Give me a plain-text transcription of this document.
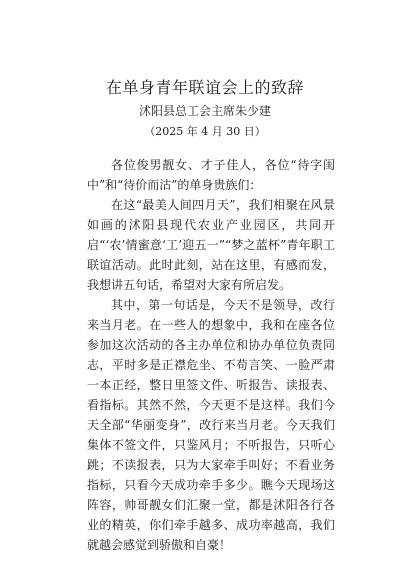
在单身青年联谊会上的致辞
沭阳县总工会主席朱少建
（2025 年 4 月 30 日）

各位俊男靓女、才子佳人，各位“待字闺中”和“待价而沽”的单身贵族们：

在这“最美人间四月天”，我们相聚在风景如画的沭阳县现代农业产业园区，共同开启“‘农’情蜜意‘工’迎五一”“梦之蓝杯”青年职工联谊活动。此时此刻，站在这里，有感而发，我想讲五句话，希望对大家有所启发。

其中，第一句话是，今天不是领导，改行来当月老。在一些人的想象中，我和在座各位参加这次活动的各主办单位和协办单位负责同志，平时多是正襟危坐、不苟言笑、一脸严肃一本正经，整日里签文件、听报告、读报表、看指标。其然不然，今天更不是这样。我们今天全部“华丽变身”，改行来当月老。今天我们集体不签文件，只鉴风月；不听报告，只听心跳；不读报表，只为大家牵手叫好；不看业务指标，只看今天成功牵手多少。瞧今天现场这阵容，帅哥靓女们汇聚一堂，都是沭阳各行各业的精英，你们牵手越多、成功率越高，我们就越会感觉到骄傲和自豪！
